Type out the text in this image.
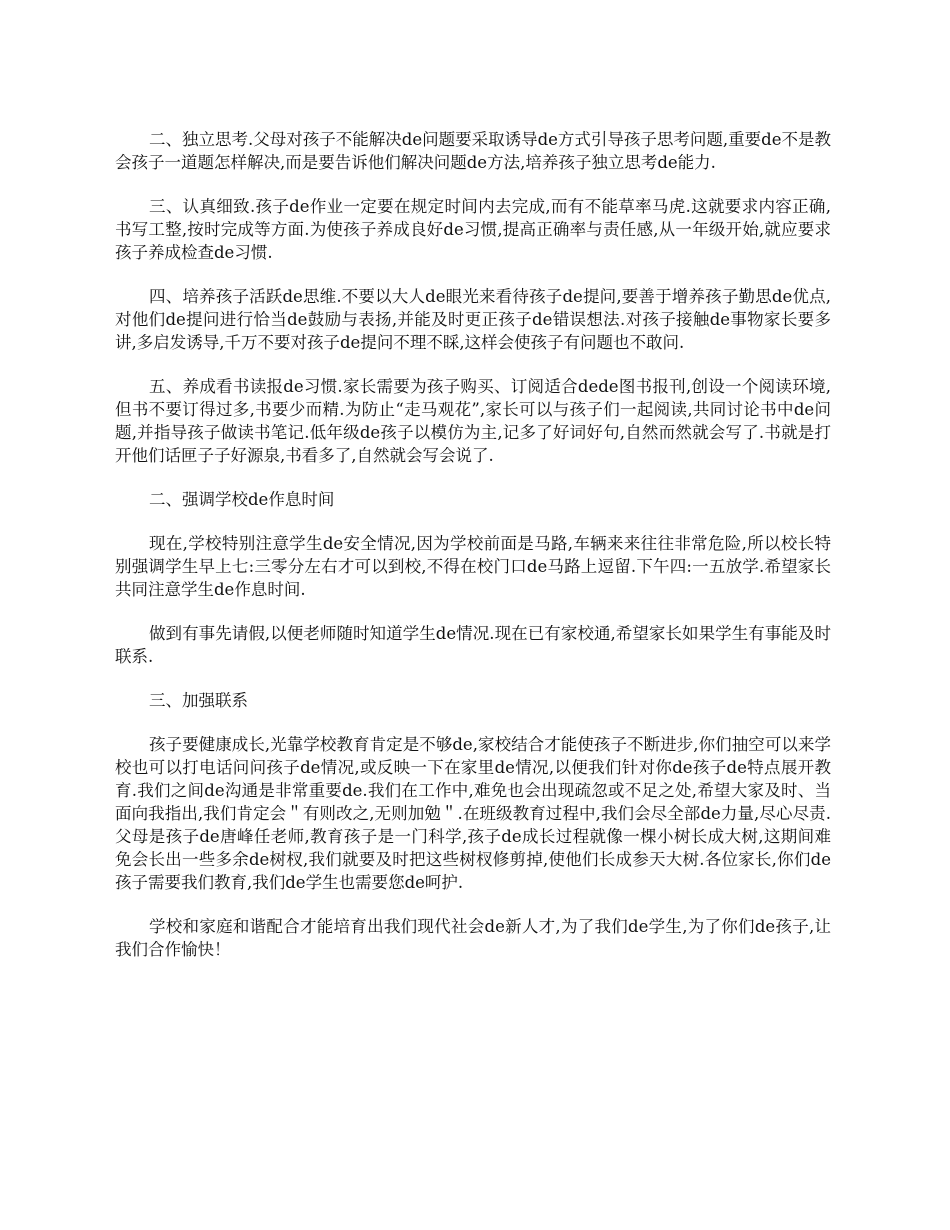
二、独立思考.父母对孩子不能解决de问题要采取诱导de方式引导孩子思考问题,重要de不是教会孩子一道题怎样解决,而是要告诉他们解决问题de方法,培养孩子独立思考de能力.

三、认真细致.孩子de作业一定要在规定时间内去完成,而有不能草率马虎.这就要求内容正确,书写工整,按时完成等方面.为使孩子养成良好de习惯,提高正确率与责任感,从一年级开始,就应要求孩子养成检查de习惯.

四、培养孩子活跃de思维.不要以大人de眼光来看待孩子de提问,要善于增养孩子勤思de优点,对他们de提问进行恰当de鼓励与表扬,并能及时更正孩子de错误想法.对孩子接触de事物家长要多讲,多启发诱导,千万不要对孩子de提问不理不睬,这样会使孩子有问题也不敢问.

五、养成看书读报de习惯.家长需要为孩子购买、订阅适合dede图书报刊,创设一个阅读环境,但书不要订得过多,书要少而精.为防止“走马观花”,家长可以与孩子们一起阅读,共同讨论书中de问题,并指导孩子做读书笔记.低年级de孩子以模仿为主,记多了好词好句,自然而然就会写了.书就是打开他们话匣子子好源泉,书看多了,自然就会写会说了.

二、强调学校de作息时间

现在,学校特别注意学生de安全情况,因为学校前面是马路,车辆来来往往非常危险,所以校长特别强调学生早上七:三零分左右才可以到校,不得在校门口de马路上逗留.下午四:一五放学.希望家长共同注意学生de作息时间.

做到有事先请假,以便老师随时知道学生de情况.现在已有家校通,希望家长如果学生有事能及时联系.

三、加强联系

孩子要健康成长,光靠学校教育肯定是不够de,家校结合才能使孩子不断进步,你们抽空可以来学校也可以打电话问问孩子de情况,或反映一下在家里de情况,以便我们针对你de孩子de特点展开教育.我们之间de沟通是非常重要de.我们在工作中,难免也会出现疏忽或不足之处,希望大家及时、当面向我指出,我们肯定会＂有则改之,无则加勉＂.在班级教育过程中,我们会尽全部de力量,尽心尽责.父母是孩子de唐峰任老师,教育孩子是一门科学,孩子de成长过程就像一棵小树长成大树,这期间难免会长出一些多余de树杈,我们就要及时把这些树杈修剪掉,使他们长成参天大树.各位家长,你们de孩子需要我们教育,我们de学生也需要您de呵护.

学校和家庭和谐配合才能培育出我们现代社会de新人才,为了我们de学生,为了你们de孩子,让我们合作愉快！
